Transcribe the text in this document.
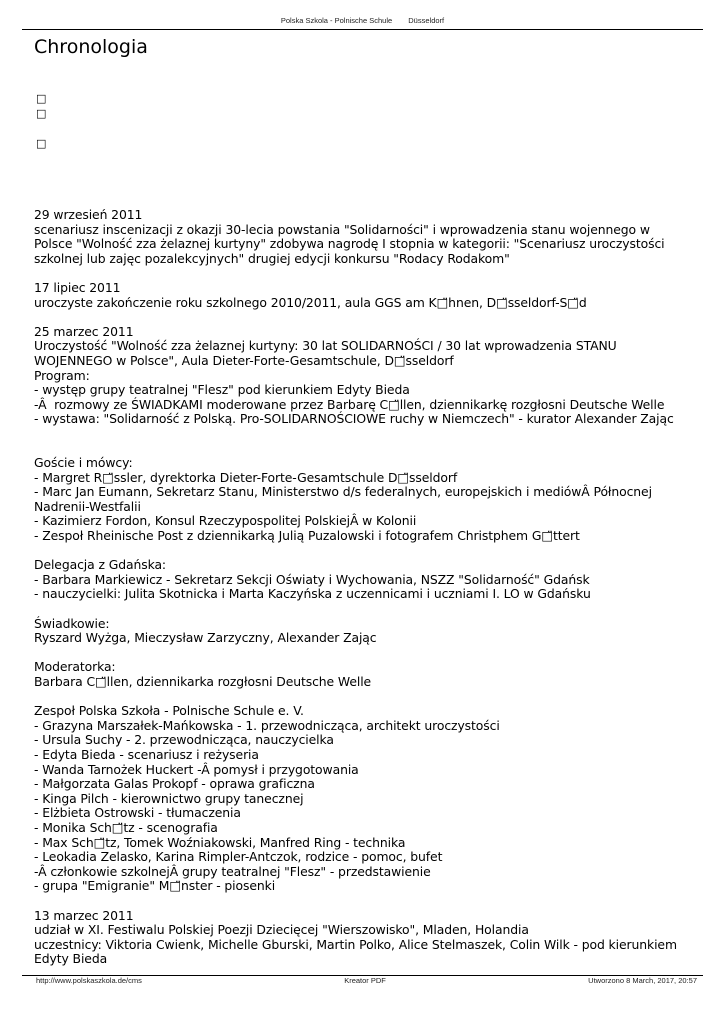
Polska Szkola - Polnische Schule Düsseldorf
Chronologia
□
□
□
29 wrzesień 2011
scenariusz inscenizacji z okazji 30-lecia powstania "Solidarności" i wprowadzenia stanu wojennego w
Polsce "Wolność zza żelaznej kurtyny" zdobywa nagrodę I stopnia w kategorii: "Scenariusz uroczystości
szkolnej lub zajęc pozalekcyjnych" drugiej edycji konkursu "Rodacy Rodakom"
17 lipiec 2011
uroczyste zakończenie roku szkolnego 2010/2011, aula GGS am K□̈hnen, D□̈sseldorf-S□̈d
25 marzec 2011
Uroczystość "Wolność zza żelaznej kurtyny: 30 lat SOLIDARNOŚCI / 30 lat wprowadzenia STANU
WOJENNEGO w Polsce", Aula Dieter-Forte-Gesamtschule, D□̈sseldorf
Program:
- występ grupy teatralnej "Flesz" pod kierunkiem Edyty Bieda
-Â  rozmowy ze ŚWIADKAMI moderowane przez Barbarę C□̈llen, dziennikarkę rozgłosni Deutsche Welle
- wystawa: "Solidarność z Polską. Pro-SOLIDARNOŚCIOWE ruchy w Niemczech" - kurator Alexander Zając
Goście i mówcy:
- Margret R□̈ssler, dyrektorka Dieter-Forte-Gesamtschule D□̈sseldorf
- Marc Jan Eumann, Sekretarz Stanu, Ministerstwo d/s federalnych, europejskich i mediówÂ Północnej
Nadrenii-Westfalii
- Kazimierz Fordon, Konsul Rzeczypospolitej PolskiejÂ w Kolonii
- Zespoł Rheinische Post z dziennikarką Julią Puzalowski i fotografem Christphem G□̈ttert
Delegacja z Gdańska:
- Barbara Markiewicz - Sekretarz Sekcji Oświaty i Wychowania, NSZZ "Solidarność" Gdańsk
- nauczycielki: Julita Skotnicka i Marta Kaczyńska z uczennicami i uczniami I. LO w Gdańsku
Świadkowie:
Ryszard Wyżga, Mieczysław Zarzyczny, Alexander Zając
Moderatorka:
Barbara C□̈llen, dziennikarka rozgłosni Deutsche Welle
Zespoł Polska Szkoła - Polnische Schule e. V.
- Grazyna Marszałek-Mańkowska - 1. przewodnicząca, architekt uroczystości
- Ursula Suchy - 2. przewodnicząca, nauczycielka
- Edyta Bieda - scenariusz i reżyseria
- Wanda Tarnożek Huckert -Â pomysł i przygotowania
- Małgorzata Galas Prokopf - oprawa graficzna
- Kinga Pilch - kierownictwo grupy tanecznej
- Elżbieta Ostrowski - tłumaczenia
- Monika Sch□̈tz - scenografia
- Max Sch□̈tz, Tomek Woźniakowski, Manfred Ring - technika
- Leokadia Zelasko, Karina Rimpler-Antczok, rodzice - pomoc, bufet
-Â członkowie szkolnejÂ grupy teatralnej "Flesz" - przedstawienie
- grupa "Emigranie" M□̈nster - piosenki
13 marzec 2011
udział w XI. Festiwalu Polskiej Poezji Dziecięcej "Wierszowisko", Mladen, Holandia
uczestnicy: Viktoria Cwienk, Michelle Gburski, Martin Polko, Alice Stelmaszek, Colin Wilk - pod kierunkiem
Edyty Bieda
http://www.polskaszkola.de/cms	Kreator PDF	Utworzono 8 March, 2017, 20:57
